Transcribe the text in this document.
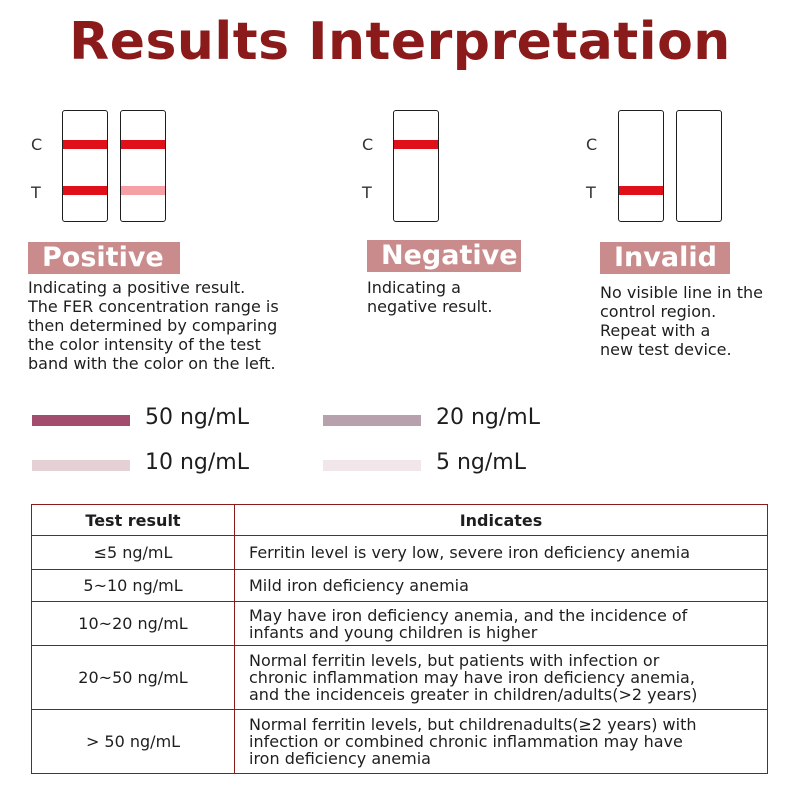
Results Interpretation
C
T
C
T
C
T
Positive	Negative	Invalid
Indicating a positive result.
The FER concentration range is
then determined by comparing
the color intensity of the test
band with the color on the left.
Indicating a
negative result.
No visible line in the
control region.
Repeat with a
new test device.
50 ng/mL	20 ng/mL
10 ng/mL	5 ng/mL
Test result	Indicates
≤5 ng/mL	Ferritin level is very low, severe iron deficiency anemia

5~10 ng/mL	Mild iron deficiency anemia

10~20 ng/mL	May have iron deficiency anemia, and the incidence of
infants and young children is higher

20~50 ng/mL	Normal ferritin levels, but patients with infection or
chronic inflammation may have iron deficiency anemia,
and the incidenceis greater in children/adults(>2 years)

> 50 ng/mL	Normal ferritin levels, but childrenadults(≥2 years) with
infection or combined chronic inflammation may have
iron deficiency anemia
